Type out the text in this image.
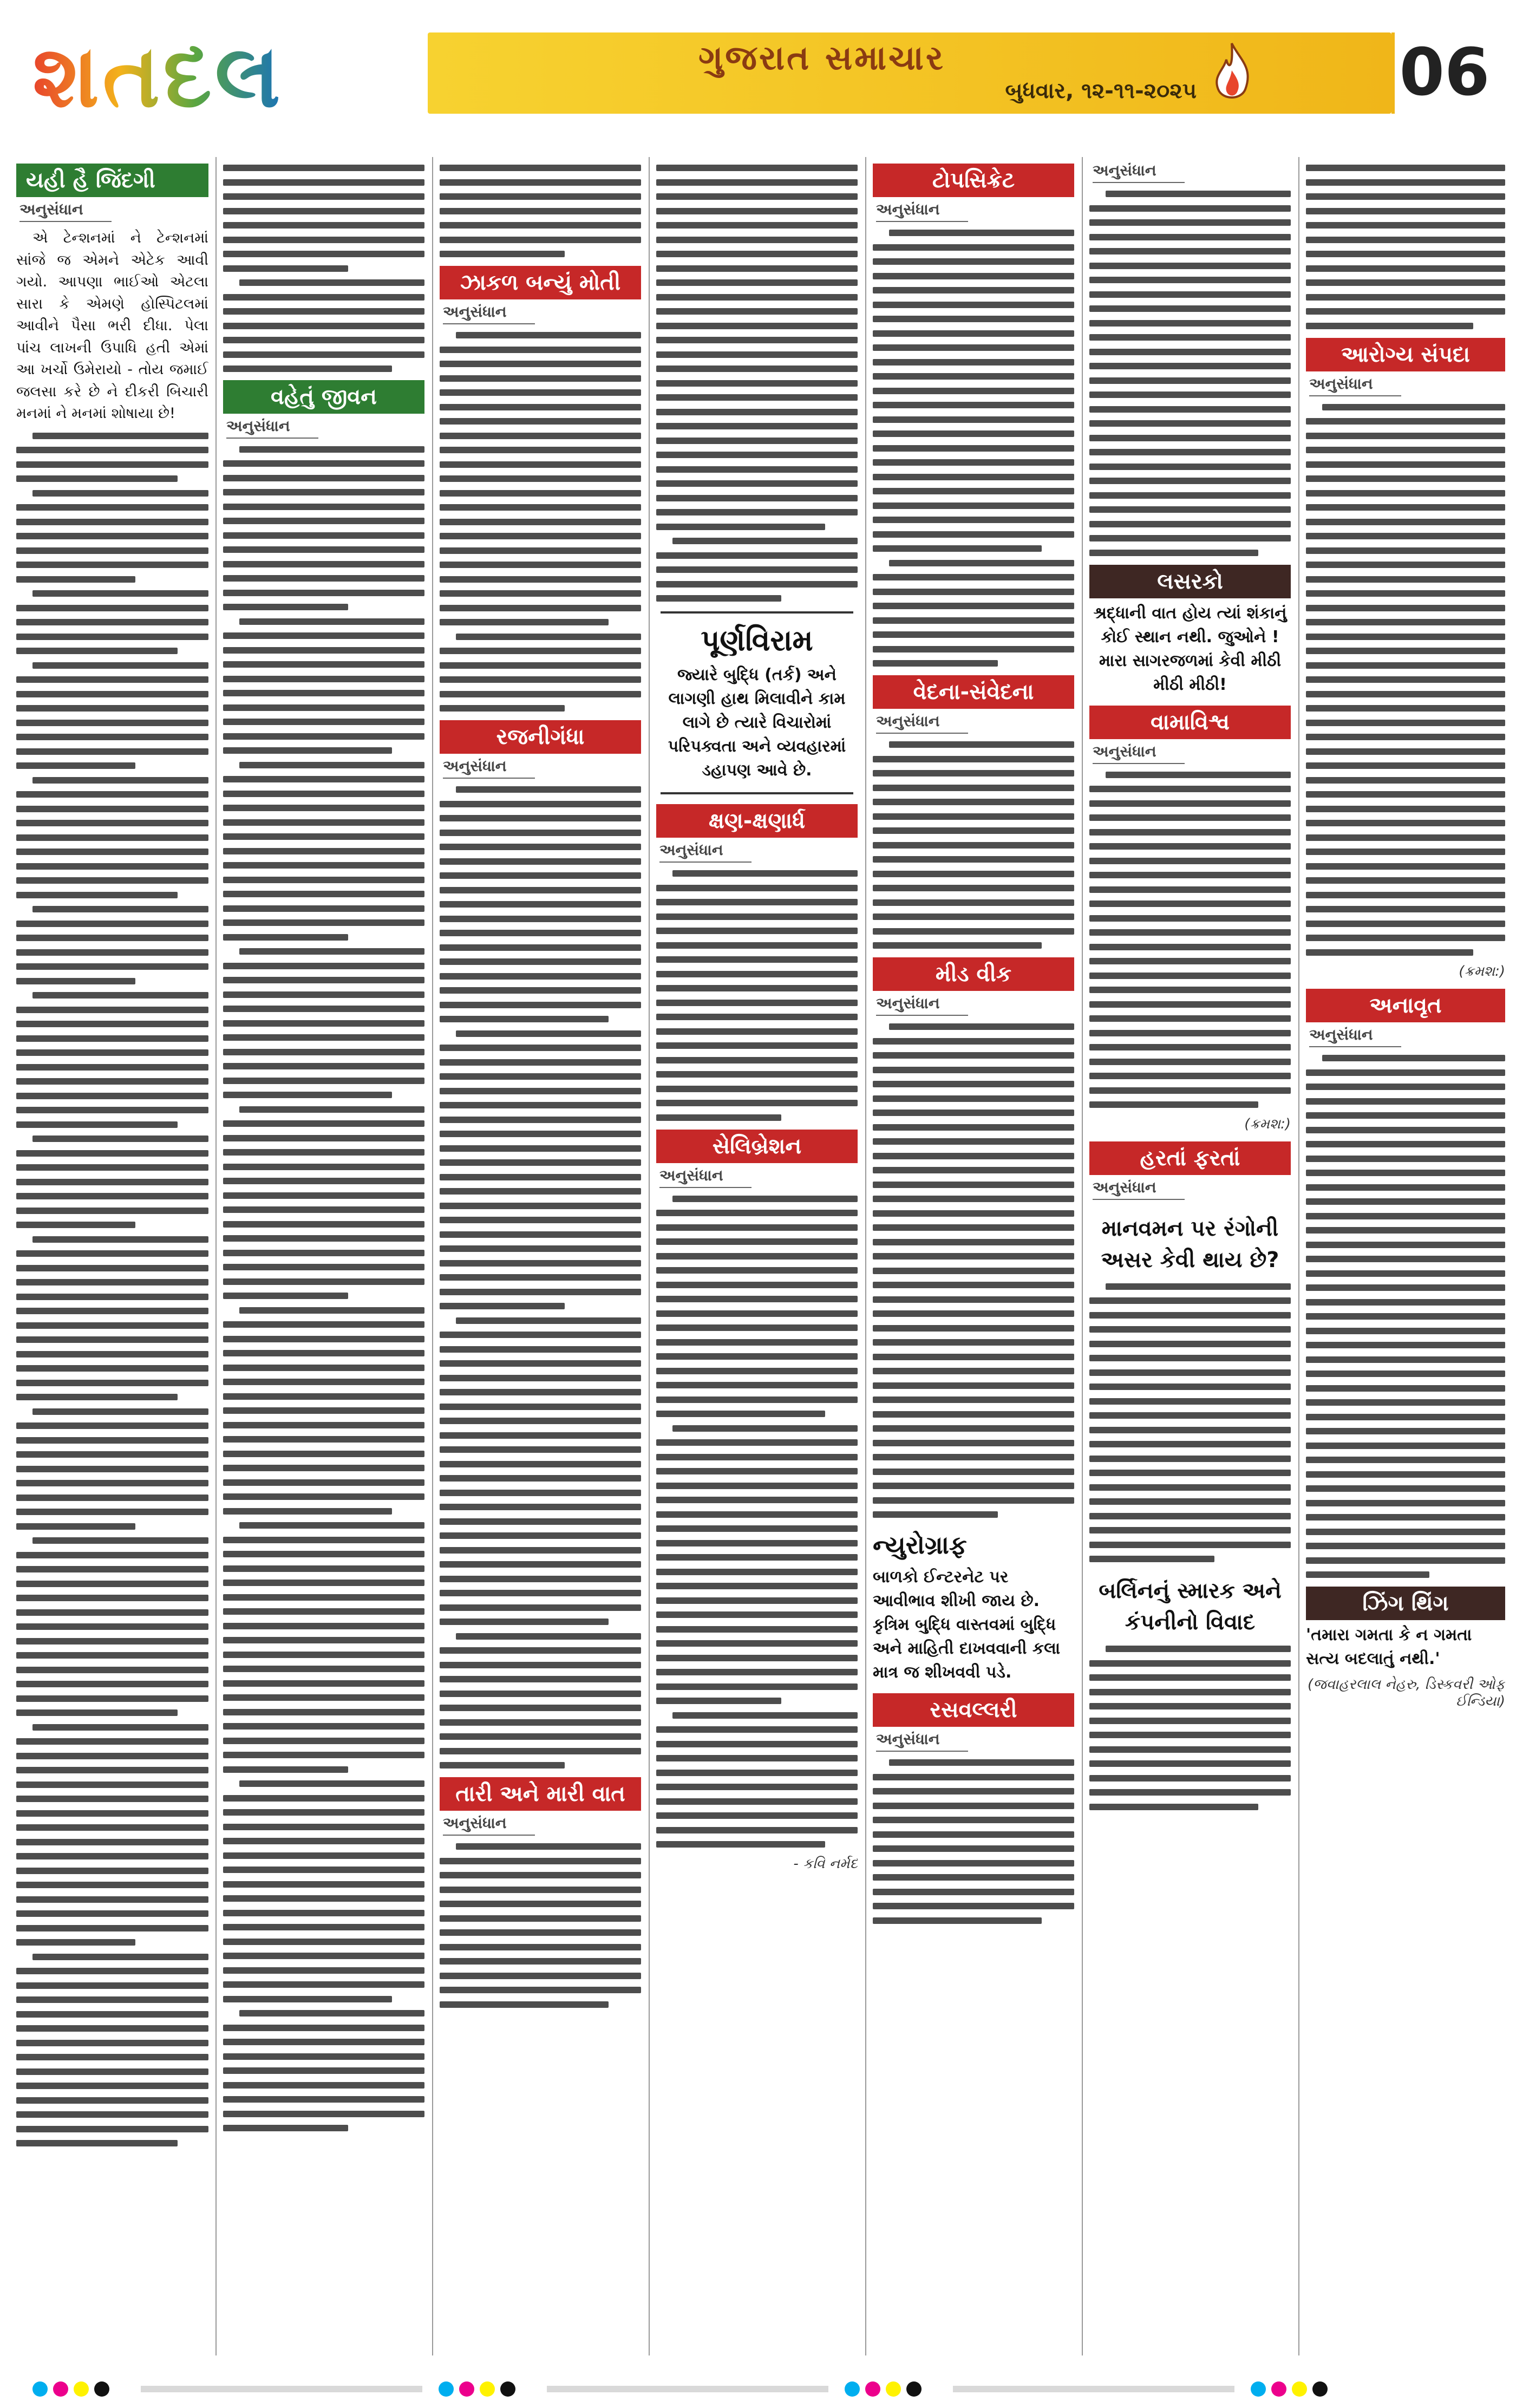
શતદલ	ગુજરાત સમાચાર
બુધવાર, ૧૨-૧૧-૨૦૨૫	06
યહી હૈ જિંદગી
અનુસંધાન

એ ટેન્શનમાં ને ટેન્શનમાં સાંજે જ એમને એટેક આવી ગયો. આપણા ભાઈઓ એટલા સારા કે એમણે હોસ્પિટલમાં આવીને પૈસા ભરી દીધા. પેલા પાંચ લાખની ઉપાધિ હતી એમાં આ ખર્ચો ઉમેરાયો - તોય જમાઈ જલસા કરે છે ને દીકરી બિચારી મનમાં ને મનમાં શોષાયા છે!

વહેતું જીવન
અનુસંધાન
ઝાકળ બન્યું મોતી
અનુસંધાન
રજનીગંધા
અનુસંધાન
તારી અને મારી વાત
અનુસંધાન
પૂર્ણવિરામ
જ્યારે બુદ્ધિ (તર્ક) અને લાગણી હાથ મિલાવીને કામ લાગે છે ત્યારે વિચારોમાં પરિપક્વતા અને વ્યવહારમાં ડહાપણ આવે છે.
ક્ષણ-ક્ષણાર્ધ
અનુસંધાન
સેલિબ્રેશન
અનુસંધાન
- કવિ નર્મદ
ટોપસિક્રેટ
અનુસંધાન
વેદના-સંવેદના
અનુસંધાન
મીડ વીક
અનુસંધાન
ન્યુરોગ્રાફ
બાળકો ઈન્ટરનેટ પર આવીભાવ શીખી જાય છે. કૃત્રિમ બુદ્ધિ વાસ્તવમાં બુદ્ધિ અને માહિતી દાખવવાની કલા માત્ર જ શીખવવી પડે.
રસવલ્લરી
અનુસંધાન
અનુસંધાન
લસરકો
શ્રદ્ધાની વાત હોય ત્યાં શંકાનું કોઈ સ્થાન નથી. જુઓને ! મારા સાગરજળમાં કેવી મીઠી મીઠી મીઠી!
વામાવિશ્વ
અનુસંધાન
(ક્રમશ:)
હરતાં ફરતાં
અનુસંધાન
માનવમન પર રંગોની અસર કેવી થાય છે?
બર્લિનનું સ્મારક અને કંપનીનો વિવાદ
આરોગ્ય સંપદા
અનુસંધાન
(ક્રમશ:)
અનાવૃત
અનુસંધાન
ઝિંગ થિંગ
'તમારા ગમતા કે ન ગમતા સત્ય બદલાતું નથી.'
(જવાહરલાલ નેહરુ, ડિસ્કવરી ઓફ ઈન્ડિયા)
